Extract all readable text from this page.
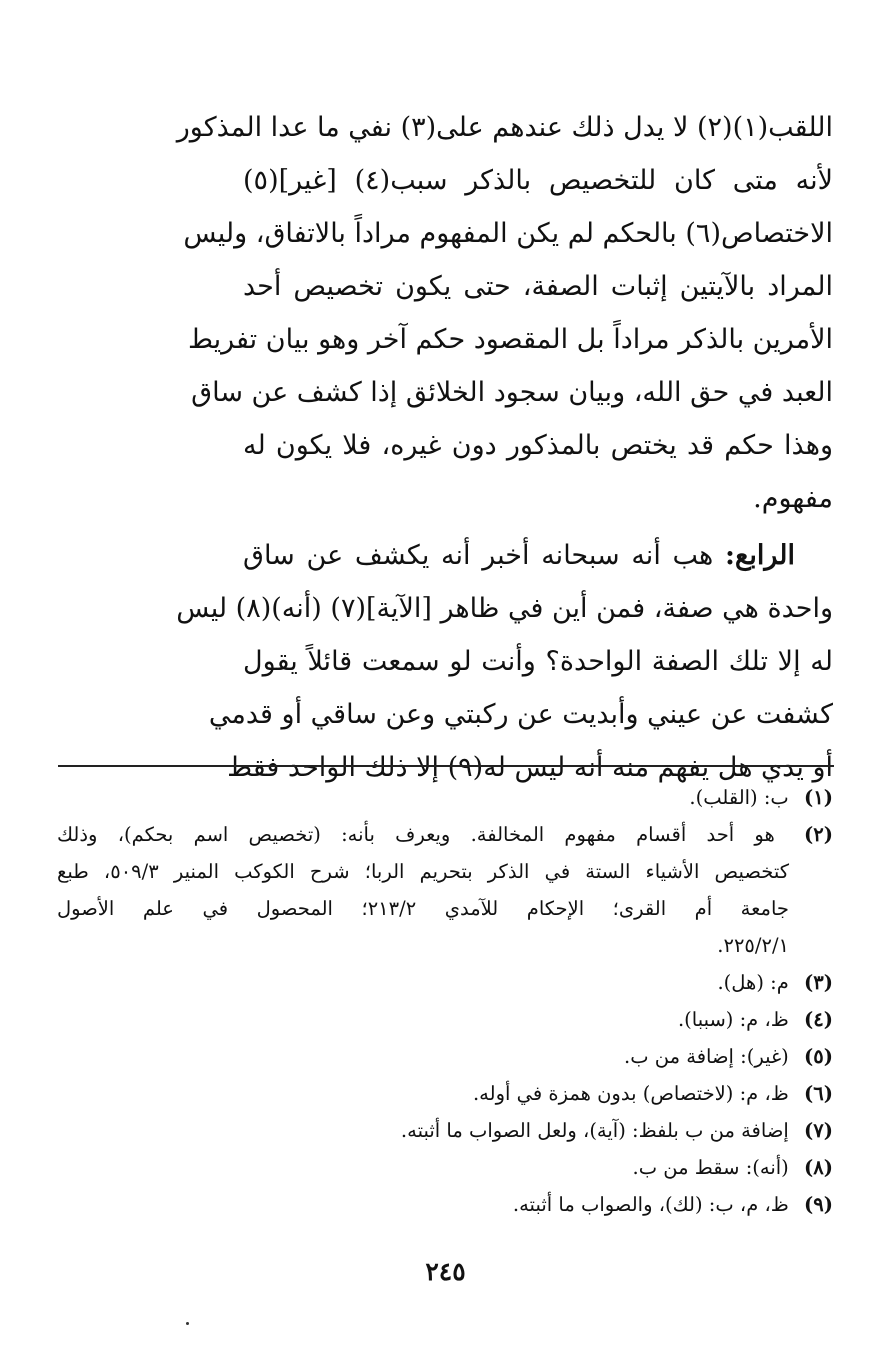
اللقب(١)(٢) لا يدل ذلك عندهم على(٣) نفي ما عدا المذكور
لأنه متى كان للتخصيص بالذكر سبب(٤) [غير](٥)
الاختصاص(٦) بالحكم لم يكن المفهوم مراداً بالاتفاق، وليس
المراد بالآيتين إثبات الصفة، حتى يكون تخصيص أحد
الأمرين بالذكر مراداً بل المقصود حكم آخر وهو بيان تفريط
العبد في حق الله، وبيان سجود الخلائق إذا كشف عن ساق
وهذا حكم قد يختص بالمذكور دون غيره، فلا يكون له
مفهوم.
الرابع: هب أنه سبحانه أخبر أنه يكشف عن ساق
واحدة هي صفة، فمن أين في ظاهر [الآية](٧) (أنه)(٨) ليس
له إلا تلك الصفة الواحدة؟ وأنت لو سمعت قائلاً يقول
كشفت عن عيني وأبديت عن ركبتي وعن ساقي أو قدمي
أو يدي هل يفهم منه أنه ليس له(٩) إلا ذلك الواحد فقط
(١) ب: (القلب).
(٢) هو أحد أقسام مفهوم المخالفة. ويعرف بأنه: (تخصيص اسم بحكم)، وذلك
كتخصيص الأشياء الستة في الذكر بتحريم الربا؛ شرح الكوكب المنير ٥٠٩/٣، طبع
جامعة أم القرى؛ الإحكام للآمدي ٢١٣/٢؛ المحصول في علم الأصول
٢٢٥/٢/١.
(٣) م: (هل).
(٤) ظ، م: (سببا).
(٥) (غير): إضافة من ب.
(٦) ظ، م: (لاختصاص) بدون همزة في أوله.
(٧) إضافة من ب بلفظ: (آية)، ولعل الصواب ما أثبته.
(٨) (أنه): سقط من ب.
(٩) ظ، م، ب: (لك)، والصواب ما أثبته.
٢٤٥
